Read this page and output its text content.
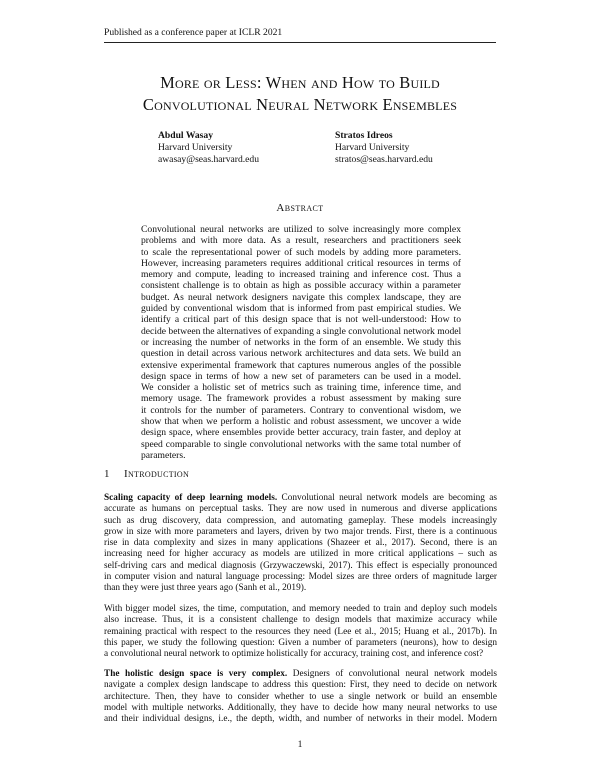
Published as a conference paper at ICLR 2021
More or Less: When and How to Build
Convolutional Neural Network Ensembles
Abdul Wasay
Harvard University
awasay@seas.harvard.edu
Stratos Idreos
Harvard University
stratos@seas.harvard.edu
Abstract
Convolutional neural networks are utilized to solve increasingly more complex
problems and with more data. As a result, researchers and practitioners seek
to scale the representational power of such models by adding more parameters.
However, increasing parameters requires additional critical resources in terms of
memory and compute, leading to increased training and inference cost. Thus a
consistent challenge is to obtain as high as possible accuracy within a parameter
budget. As neural network designers navigate this complex landscape, they are
guided by conventional wisdom that is informed from past empirical studies. We
identify a critical part of this design space that is not well-understood: How to
decide between the alternatives of expanding a single convolutional network model
or increasing the number of networks in the form of an ensemble. We study this
question in detail across various network architectures and data sets. We build an
extensive experimental framework that captures numerous angles of the possible
design space in terms of how a new set of parameters can be used in a model.
We consider a holistic set of metrics such as training time, inference time, and
memory usage. The framework provides a robust assessment by making sure
it controls for the number of parameters. Contrary to conventional wisdom, we
show that when we perform a holistic and robust assessment, we uncover a wide
design space, where ensembles provide better accuracy, train faster, and deploy at
speed comparable to single convolutional networks with the same total number of
parameters.
1 Introduction
Scaling capacity of deep learning models. Convolutional neural network models are becoming as
accurate as humans on perceptual tasks. They are now used in numerous and diverse applications
such as drug discovery, data compression, and automating gameplay. These models increasingly
grow in size with more parameters and layers, driven by two major trends. First, there is a continuous
rise in data complexity and sizes in many applications (Shazeer et al., 2017). Second, there is an
increasing need for higher accuracy as models are utilized in more critical applications – such as
self-driving cars and medical diagnosis (Grzywaczewski, 2017). This effect is especially pronounced
in computer vision and natural language processing: Model sizes are three orders of magnitude larger
than they were just three years ago (Sanh et al., 2019).
With bigger model sizes, the time, computation, and memory needed to train and deploy such models
also increase. Thus, it is a consistent challenge to design models that maximize accuracy while
remaining practical with respect to the resources they need (Lee et al., 2015; Huang et al., 2017b). In
this paper, we study the following question: Given a number of parameters (neurons), how to design
a convolutional neural network to optimize holistically for accuracy, training cost, and inference cost?
The holistic design space is very complex. Designers of convolutional neural network models
navigate a complex design landscape to address this question: First, they need to decide on network
architecture. Then, they have to consider whether to use a single network or build an ensemble
model with multiple networks. Additionally, they have to decide how many neural networks to use
and their individual designs, i.e., the depth, width, and number of networks in their model. Modern
1
